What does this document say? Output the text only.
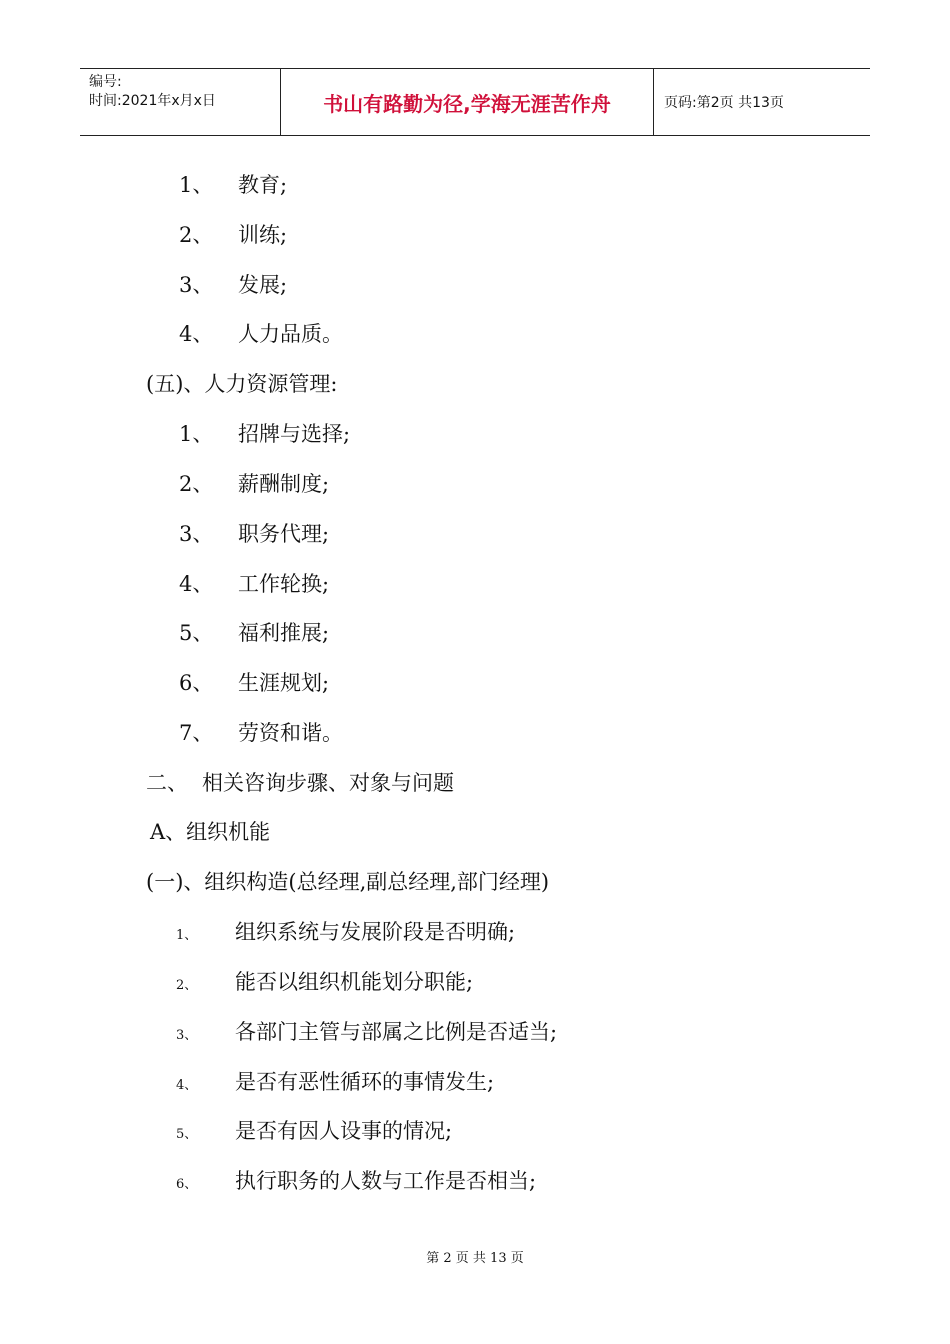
编号:
时间:2021年x月x日	书山有路勤为径,学海无涯苦作舟	页码:第2页 共13页
1、 教育;
2、 训练;
3、 发展;
4、 人力品质。
(五)、人力资源管理:
1、 招牌与选择;
2、 薪酬制度;
3、 职务代理;
4、 工作轮换;
5、 福利推展;
6、 生涯规划;
7、 劳资和谐。
二、 相关咨询步骤、对象与问题
A、组织机能
(一)、组织构造(总经理,副总经理,部门经理)
1、 组织系统与发展阶段是否明确;
2、 能否以组织机能划分职能;
3、 各部门主管与部属之比例是否适当;
4、 是否有恶性循环的事情发生;
5、 是否有因人设事的情况;
6、 执行职务的人数与工作是否相当;
第 2 页 共 13 页
